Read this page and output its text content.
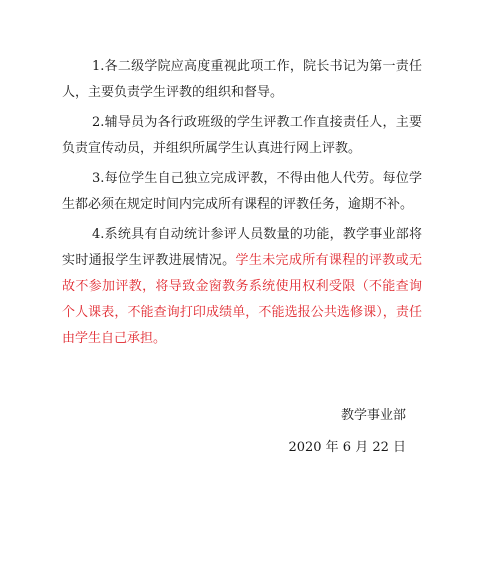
1.各二级学院应高度重视此项工作，院长书记为第一责任人，主要负责学生评教的组织和督导。

2.辅导员为各行政班级的学生评教工作直接责任人，主要负责宣传动员，并组织所属学生认真进行网上评教。

3.每位学生自己独立完成评教，不得由他人代劳。每位学生都必须在规定时间内完成所有课程的评教任务，逾期不补。

4.系统具有自动统计参评人员数量的功能，教学事业部将实时通报学生评教进展情况。学生未完成所有课程的评教或无故不参加评教，将导致金窗教务系统使用权利受限（不能查询个人课表，不能查询打印成绩单，不能选报公共选修课），责任由学生自己承担。

教学事业部
2020 年 6 月 22 日
